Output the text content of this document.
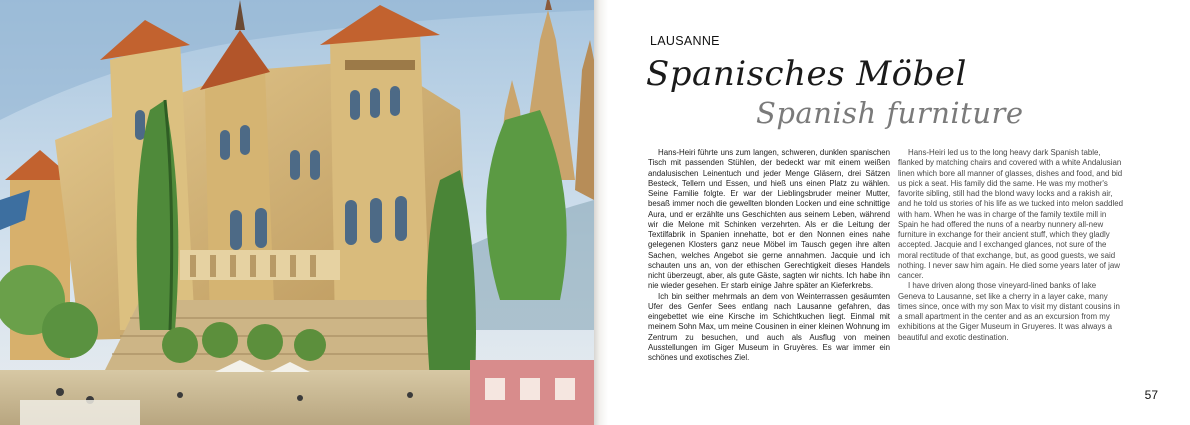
LAUSANNE
Spanisches Möbel
Spanish furniture

Hans-Heiri führte uns zum langen, schweren, dunklen spanischen Tisch mit passenden Stühlen, der bedeckt war mit einem weißen andalusischen Leinentuch und jeder Menge Gläsern, drei Sätzen Besteck, Tellern und Essen, und hieß uns einen Platz zu wählen. Seine Familie folgte. Er war der Lieblingsbruder meiner Mutter, besaß immer noch die gewellten blonden Locken und eine schnittige Aura, und er erzählte uns Geschichten aus seinem Leben, während wir die Melone mit Schinken verzehrten. Als er die Leitung der Textilfabrik in Spanien innehatte, bot er den Nonnen eines nahe gelegenen Klosters ganz neue Möbel im Tausch gegen ihre alten Sachen, welches Angebot sie gerne annahmen. Jacquie und ich schauten uns an, von der ethischen Gerechtigkeit dieses Handels nicht überzeugt, aber, als gute Gäste, sagten wir nichts. Ich habe ihn nie wieder gesehen. Er starb einige Jahre später an Kieferkrebs.

Ich bin seither mehrmals an dem von Weinterrassen gesäumten Ufer des Genfer Sees entlang nach Lausanne gefahren, das eingebettet wie eine Kirsche im Schichtkuchen liegt. Einmal mit meinem Sohn Max, um meine Cousinen in einer kleinen Wohnung im Zentrum zu besuchen, und auch als Ausflug von meinen Ausstellungen im Giger Museum in Gruyères. Es war immer ein schönes und exotisches Ziel.

Hans-Heiri led us to the long heavy dark Spanish table, flanked by matching chairs and covered with a white Andalusian linen which bore all manner of glasses, dishes and food, and bid us pick a seat. His family did the same. He was my mother's favorite sibling, still had the blond wavy locks and a rakish air, and he told us stories of his life as we tucked into melon saddled with ham. When he was in charge of the family textile mill in Spain he had offered the nuns of a nearby nunnery all-new furniture in exchange for their ancient stuff, which they gladly accepted. Jacquie and I exchanged glances, not sure of the moral rectitude of that exchange, but, as good guests, we said nothing. I never saw him again. He died some years later of jaw cancer.

I have driven along those vineyard-lined banks of lake Geneva to Lausanne, set like a cherry in a layer cake, many times since, once with my son Max to visit my distant cousins in a small apartment in the center and as an excursion from my exhibitions at the Giger Museum in Gruyeres. It was always a beautiful and exotic destination.

57
